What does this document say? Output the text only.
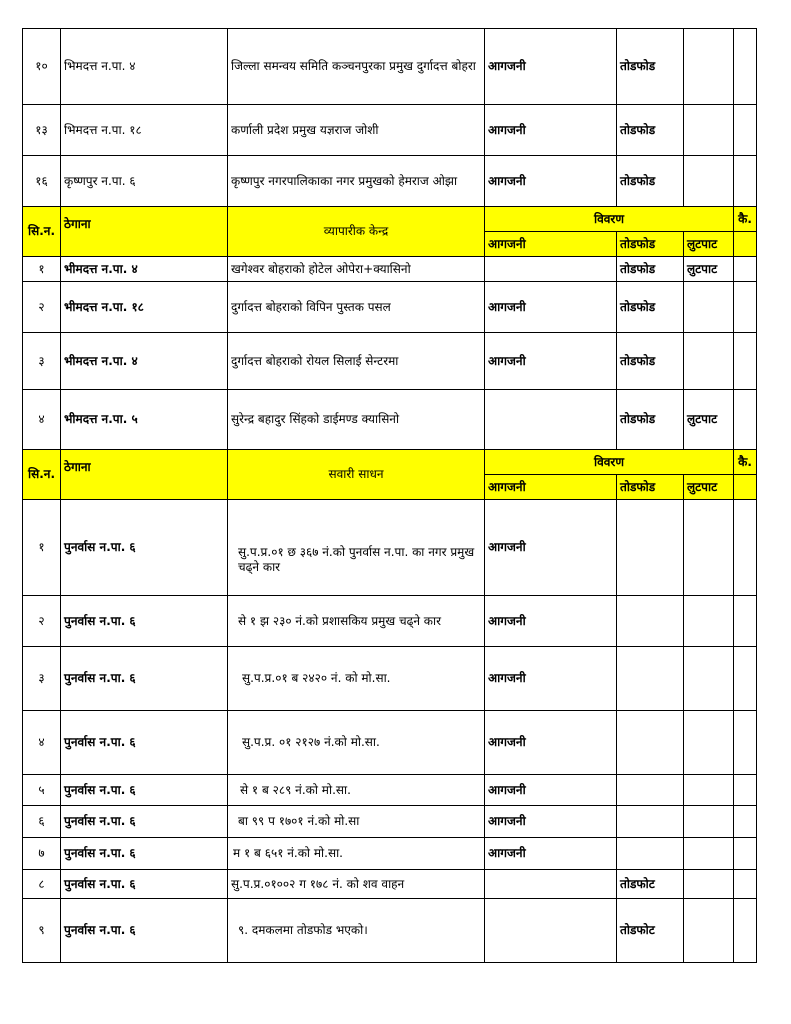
१०	भिमदत्त न.पा. ४	जिल्ला समन्वय समिति कञ्चनपुरका प्रमुख दुर्गादत्त बोहरा	आगजनी	तोडफोड		
१३	भिमदत्त न.पा. १८	कर्णाली प्रदेश प्रमुख यज्ञराज जोशी	आगजनी	तोडफोड		
१६	कृष्णपुर न.पा. ६	कृष्णपुर नगरपालिकाका नगर प्रमुखको हेमराज ओझा	आगजनी	तोडफोड		
सि.न.	ठेगाना	व्यापारीक केन्द्र	विवरण			कै.
			आगजनी	तोडफोड	लुटपाट	
१	भीमदत्त न.पा. ४	खगेश्वर बोहराको होटेल ओपेरा+क्यासिनो		तोडफोड	लुटपाट	
२	भीमदत्त न.पा. १८	दुर्गादत्त बोहराको विपिन पुस्तक पसल	आगजनी	तोडफोड		
३	भीमदत्त न.पा. ४	दुर्गादत्त बोहराको रोयल सिलाई सेन्टरमा	आगजनी	तोडफोड		
४	भीमदत्त न.पा. ५	सुरेन्द्र बहादुर सिंहको डाईमण्ड क्यासिनो		तोडफोड	लुटपाट	
सि.न.	ठेगाना	सवारी साधन	विवरण			कै.
			आगजनी	तोडफोड	लुटपाट	
१	पुनर्वास न.पा. ६	सु.प.प्र.०१ छ ३६७ नं.को पुनर्वास न.पा. का नगर प्रमुख चढ्ने कार	आगजनी			
२	पुनर्वास न.पा. ६	से १ झ २३० नं.को प्रशासकिय प्रमुख चढ्ने कार	आगजनी			
३	पुनर्वास न.पा. ६	सु.प.प्र.०१ ब २४२० नं. को मो.सा.	आगजनी			
४	पुनर्वास न.पा. ६	सु.प.प्र. ०१ २१२७ नं.को मो.सा.	आगजनी			
५	पुनर्वास न.पा. ६	से १ ब २८९ नं.को मो.सा.	आगजनी			
६	पुनर्वास न.पा. ६	बा ९९ प १७०१ नं.को मो.सा	आगजनी			
७	पुनर्वास न.पा. ६	म १ ब ६५१ नं.को मो.सा.	आगजनी			
८	पुनर्वास न.पा. ६	सु.प.प्र.०१००२ ग १७८ नं. को शव वाहन		तोडफोट		
९	पुनर्वास न.पा. ६	९. दमकलमा तोडफोड भएको।		तोडफोट		
